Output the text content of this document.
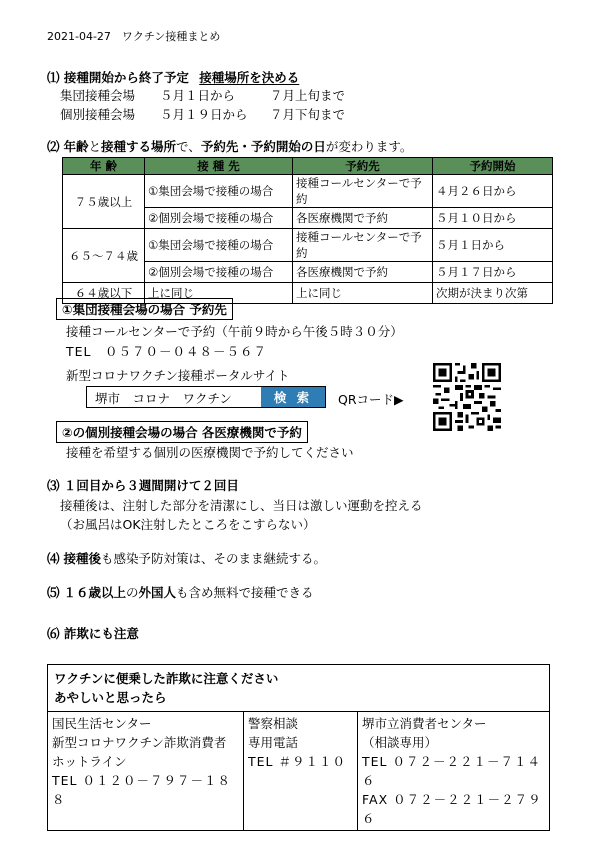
2021-04-27　ワクチン接種まとめ
⑴ 接種開始から終了予定 接種場所を決める
集団接種会場 ５月１日から	７月上旬まで
個別接種会場 ５月１９日から ７月下旬まで
⑵ 年齢と接種する場所で、予約先・予約開始の日が変わります。
年 齢	接 種 先	予約先	予約開始
７５歳以上	①集団会場で接種の場合	接種コールセンターで予約	４月２６日から
	②個別会場で接種の場合	各医療機関で予約	５月１０日から
６５～７４歳	①集団会場で接種の場合	接種コールセンターで予約	５月１日から
	②個別会場で接種の場合	各医療機関で予約	５月１７日から
６４歳以下	上に同じ	上に同じ	次期が決まり次第
①集団接種会場の場合 予約先
接種コールセンターで予約（午前９時から午後５時３０分）
TEL　０５７０－０４８－５６７
新型コロナワクチン接種ポータルサイト
堺市　コロナ　ワクチン	検 索	QRコード▶
②の個別接種会場の場合 各医療機関で予約
接種を希望する個別の医療機関で予約してください
⑶ １回目から３週間開けて２回目
接種後は、注射した部分を清潔にし、当日は激しい運動を控える
（お風呂はOK注射したところをこすらない）
⑷ 接種後も感染予防対策は、そのまま継続する。
⑸ １６歳以上の外国人も含め無料で接種できる
⑹ 詐欺にも注意
ワクチンに便乗した詐欺に注意ください
あやしいと思ったら

国民生活センター
新型コロナワクチン詐欺消費者
ホットライン
TEL ０１２０－７９７－１８８

警察相談
専用電話
TEL ＃９１１０

堺市立消費者センター
（相談専用）
TEL ０７２－２２１－７１４６
FAX ０７２－２２１－２７９６
